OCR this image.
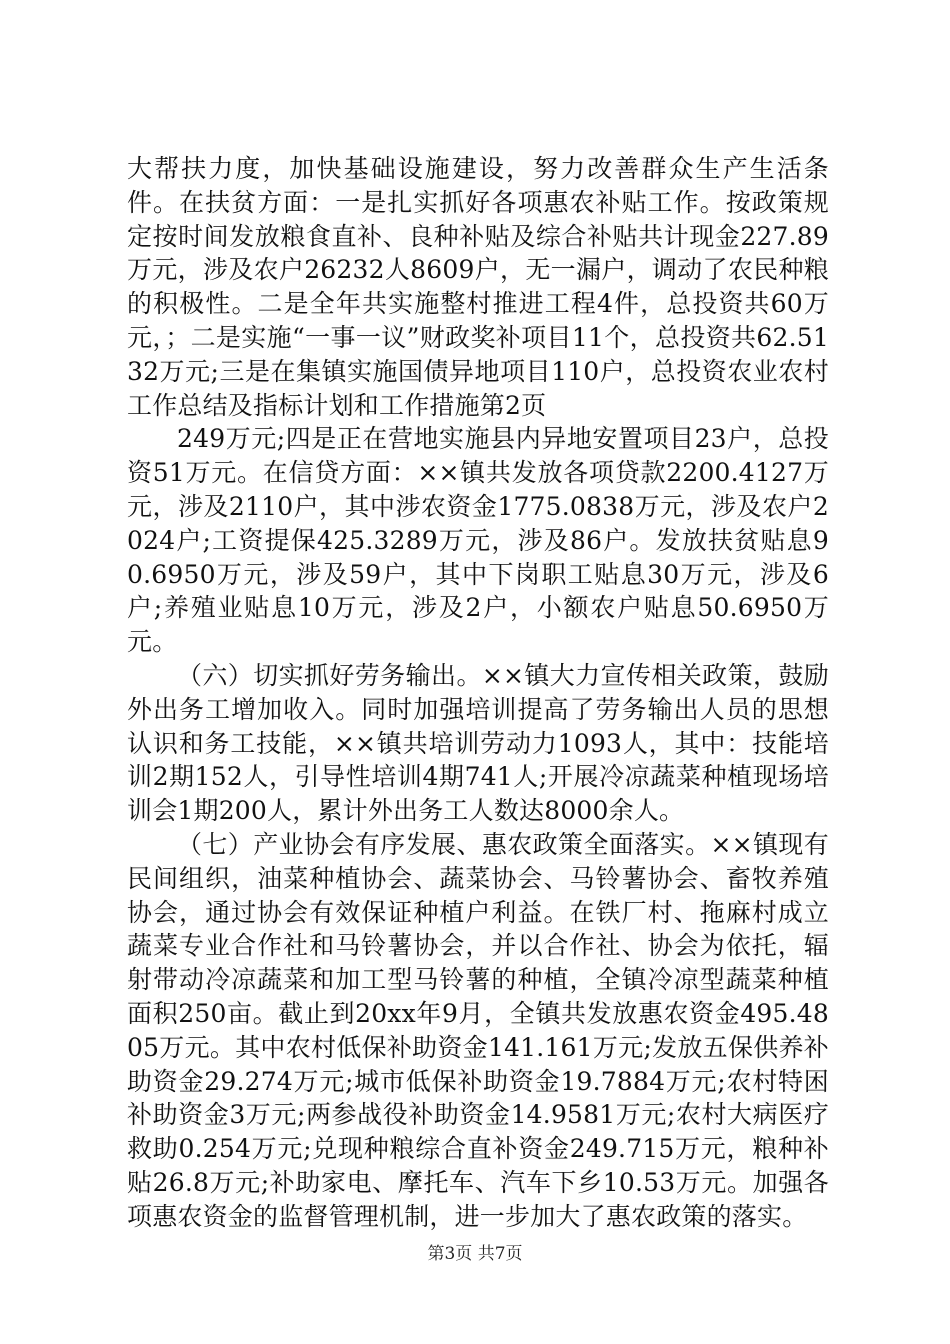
大帮扶力度，加快基础设施建设，努力改善群众生产生活条件。在扶贫方面：一是扎实抓好各项惠农补贴工作。按政策规定按时间发放粮食直补、良种补贴及综合补贴共计现金227.89万元，涉及农户26232人8609户，无一漏户，调动了农民种粮的积极性。二是全年共实施整村推进工程4件，总投资共60万元，；二是实施“一事一议”财政奖补项目11个，总投资共62.5132万元;三是在集镇实施国债异地项目110户，总投资农业农村工作总结及指标计划和工作措施第2页

249万元;四是正在营地实施县内异地安置项目23户，总投资51万元。在信贷方面：××镇共发放各项贷款2200.4127万元，涉及2110户，其中涉农资金1775.0838万元，涉及农户2024户;工资提保425.3289万元，涉及86户。发放扶贫贴息90.6950万元，涉及59户，其中下岗职工贴息30万元，涉及6户;养殖业贴息10万元，涉及2户，小额农户贴息50.6950万元。

（六）切实抓好劳务输出。××镇大力宣传相关政策，鼓励外出务工增加收入。同时加强培训提高了劳务输出人员的思想认识和务工技能，××镇共培训劳动力1093人，其中：技能培训2期152人，引导性培训4期741人;开展冷凉蔬菜种植现场培训会1期200人，累计外出务工人数达8000余人。

（七）产业协会有序发展、惠农政策全面落实。××镇现有民间组织，油菜种植协会、蔬菜协会、马铃薯协会、畜牧养殖协会，通过协会有效保证种植户利益。在铁厂村、拖麻村成立蔬菜专业合作社和马铃薯协会，并以合作社、协会为依托，辐射带动冷凉蔬菜和加工型马铃薯的种植，全镇冷凉型蔬菜种植面积250亩。截止到20xx年9月，全镇共发放惠农资金495.4805万元。其中农村低保补助资金141.161万元;发放五保供养补助资金29.274万元;城市低保补助资金19.7884万元;农村特困补助资金3万元;两参战役补助资金14.9581万元;农村大病医疗救助0.254万元;兑现种粮综合直补资金249.715万元，粮种补贴26.8万元;补助家电、摩托车、汽车下乡10.53万元。加强各项惠农资金的监督管理机制，进一步加大了惠农政策的落实。

第3页 共7页
